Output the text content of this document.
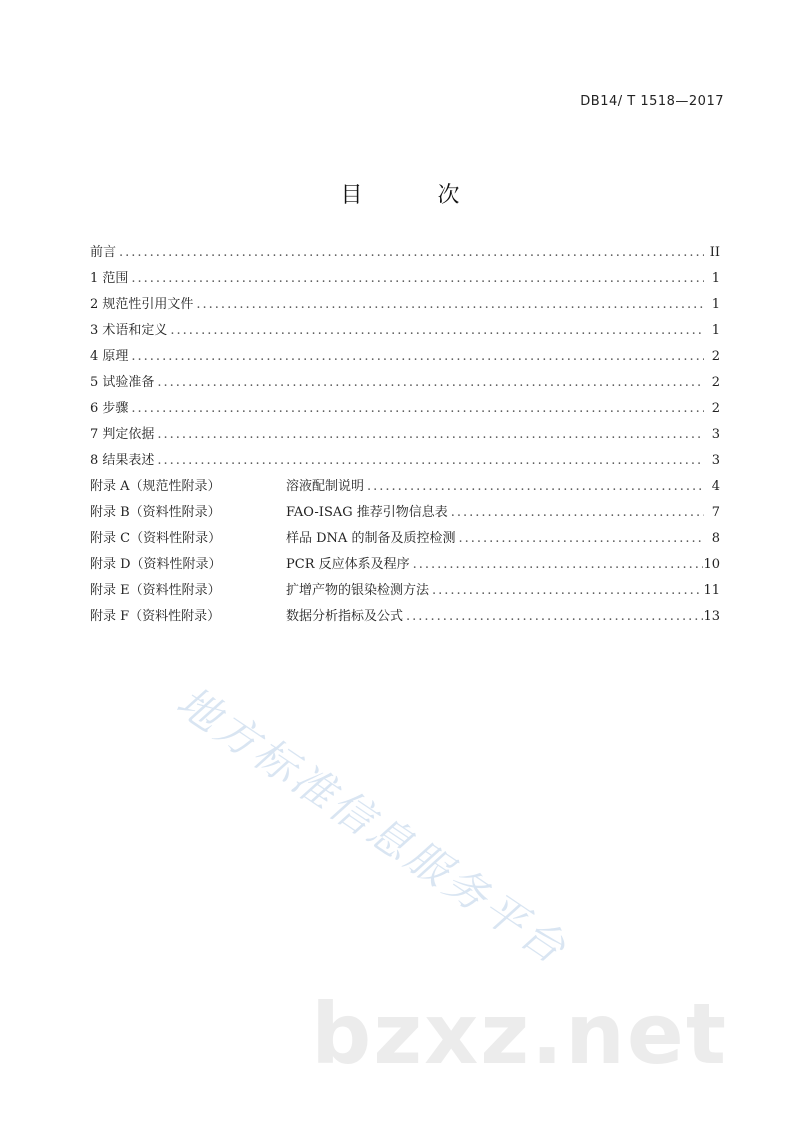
DB14/ T 1518—2017
目 次
前言 .....	II
1 范围 .....	1
2 规范性引用文件 .....	1
3 术语和定义 .....	1
4 原理 .....	2
5 试验准备 .....	2
6 步骤 .....	2
7 判定依据 .....	3
8 结果表述 .....	3
附录 A（规范性附录）	溶液配制说明 .....	4
附录 B（资料性附录）	FAO-ISAG 推荐引物信息表 .....	7
附录 C（资料性附录）	样品 DNA 的制备及质控检测 .....	8
附录 D（资料性附录）	PCR 反应体系及程序 .....	10
附录 E（资料性附录）	扩增产物的银染检测方法 .....	11
附录 F（资料性附录）	数据分析指标及公式 .....	13
地方标准信息服务平台
bzxz.net
